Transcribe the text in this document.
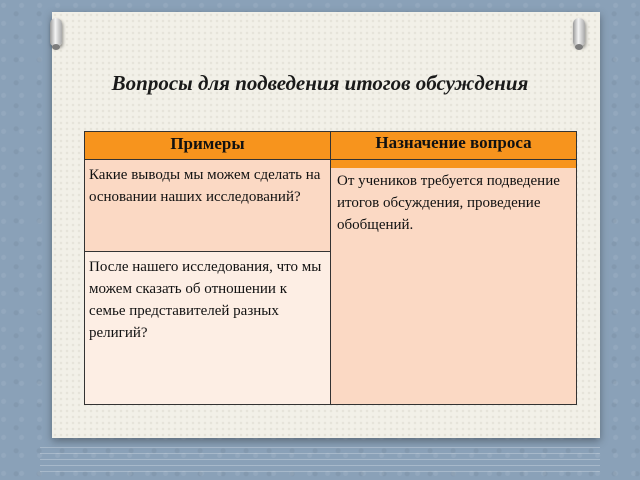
Вопросы для подведения итогов обсуждения
Примеры	Назначение вопроса
Какие выводы мы можем сделать на основании наших исследований?
После нашего исследования, что мы можем сказать об отношении к семье представителей разных религий?
От учеников требуется подведение итогов обсуждения, проведение обобщений.
